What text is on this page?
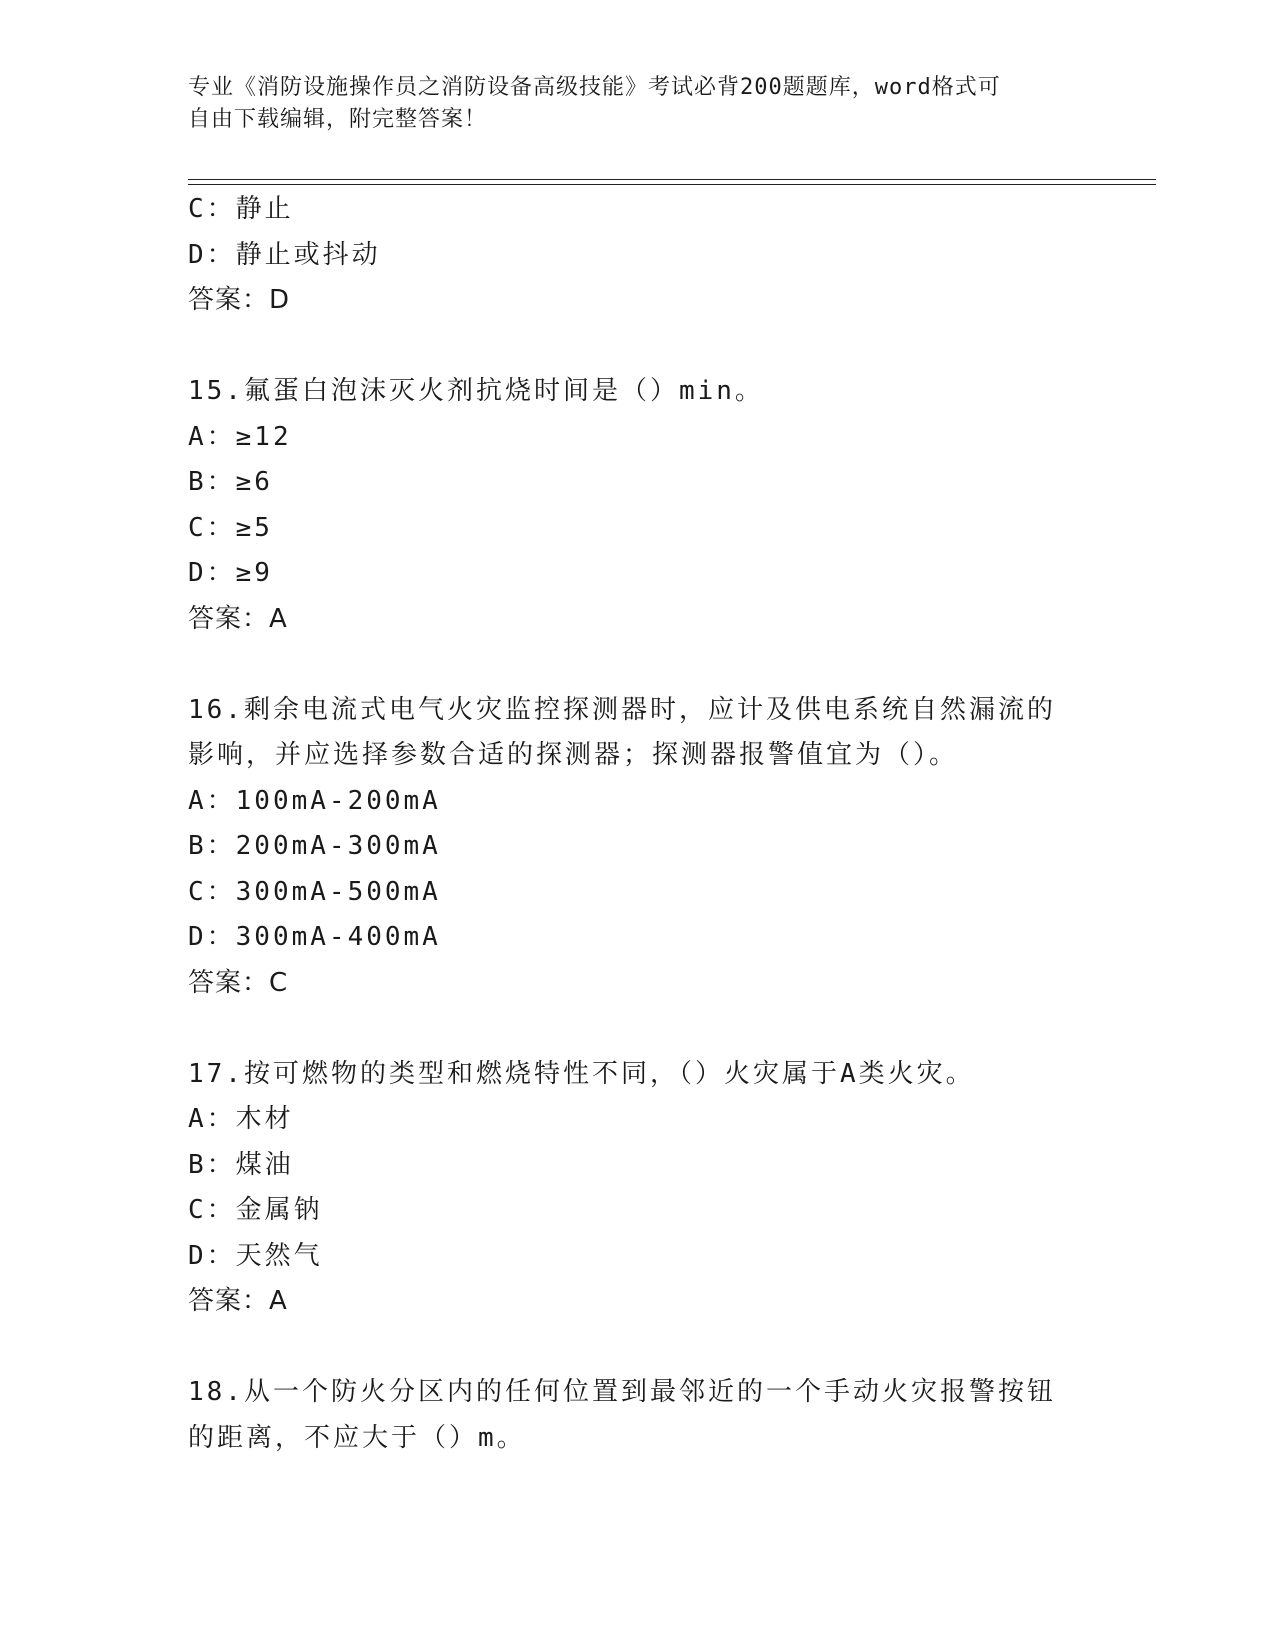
专业《消防设施操作员之消防设备高级技能》考试必背200题题库，word格式可
自由下载编辑，附完整答案！
C：静止
D：静止或抖动
答案：D
15.氟蛋白泡沫灭火剂抗烧时间是（）min。
A：≥12
B：≥6
C：≥5
D：≥9
答案：A
16.剩余电流式电气火灾监控探测器时，应计及供电系统自然漏流的影响，并应选择参数合适的探测器；探测器报警值宜为（）。
A：100mA-200mA
B：200mA-300mA
C：300mA-500mA
D：300mA-400mA
答案：C
17.按可燃物的类型和燃烧特性不同，（）火灾属于A类火灾。
A：木材
B：煤油
C：金属钠
D：天然气
答案：A
18.从一个防火分区内的任何位置到最邻近的一个手动火灾报警按钮的距离，不应大于（）m。
